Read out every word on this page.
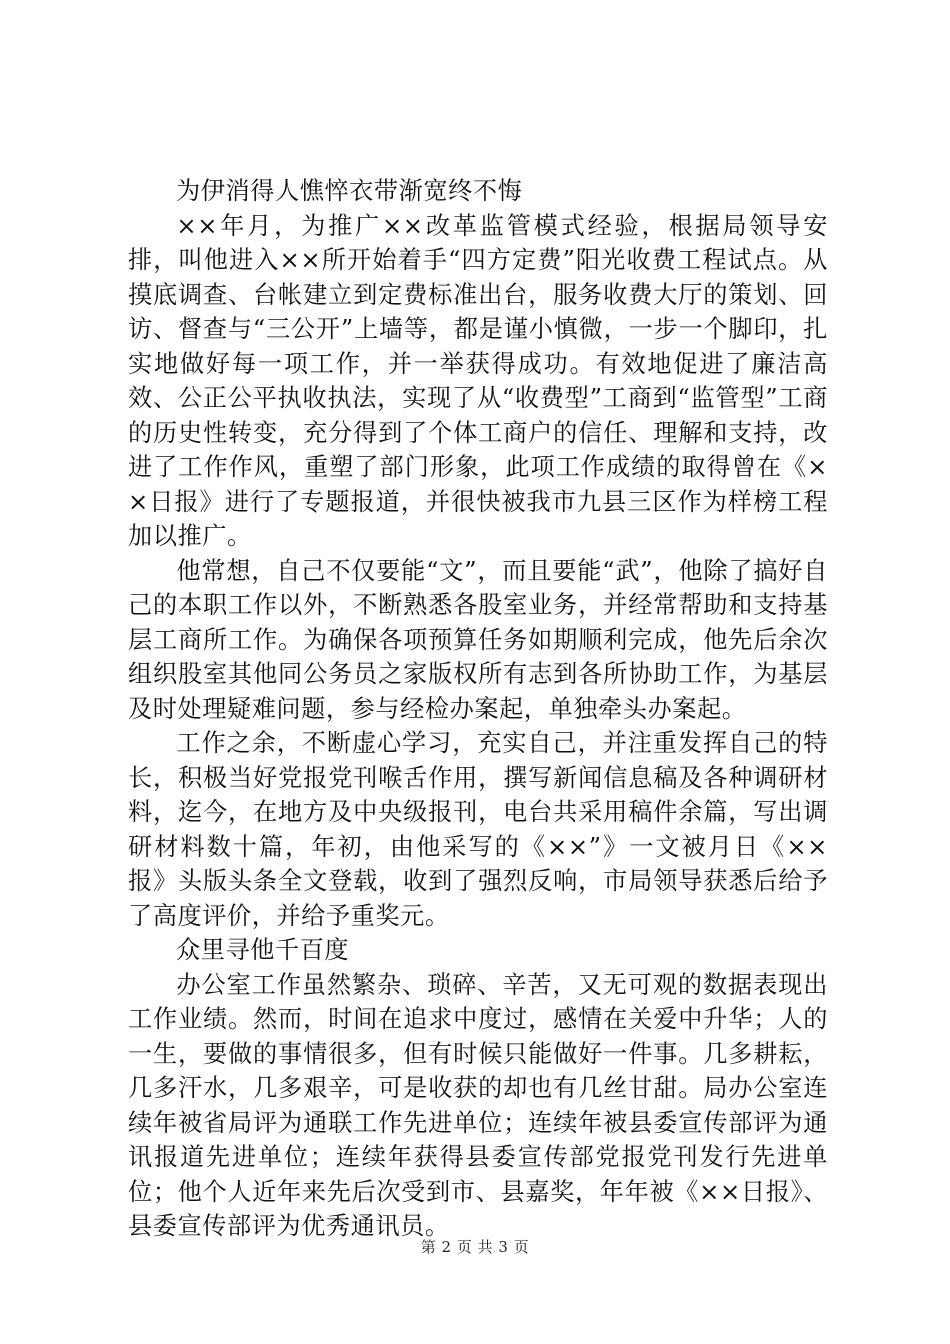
为伊消得人憔悴衣带渐宽终不悔

××年月，为推广××改革监管模式经验，根据局领导安排，叫他进入××所开始着手“四方定费”阳光收费工程试点。从摸底调查、台帐建立到定费标准出台，服务收费大厅的策划、回访、督查与“三公开”上墙等，都是谨小慎微，一步一个脚印，扎实地做好每一项工作，并一举获得成功。有效地促进了廉洁高效、公正公平执收执法，实现了从“收费型”工商到“监管型”工商的历史性转变，充分得到了个体工商户的信任、理解和支持，改进了工作作风，重塑了部门形象，此项工作成绩的取得曾在《××日报》进行了专题报道，并很快被我市九县三区作为样榜工程加以推广。

他常想，自己不仅要能“文”，而且要能“武”，他除了搞好自己的本职工作以外，不断熟悉各股室业务，并经常帮助和支持基层工商所工作。为确保各项预算任务如期顺利完成，他先后余次组织股室其他同公务员之家版权所有志到各所协助工作，为基层及时处理疑难问题，参与经检办案起，单独牵头办案起。

工作之余，不断虚心学习，充实自己，并注重发挥自己的特长，积极当好党报党刊喉舌作用，撰写新闻信息稿及各种调研材料，迄今，在地方及中央级报刊，电台共采用稿件余篇，写出调研材料数十篇，年初，由他采写的《××”》一文被月日《××报》头版头条全文登载，收到了强烈反响，市局领导获悉后给予了高度评价，并给予重奖元。

众里寻他千百度

办公室工作虽然繁杂、琐碎、辛苦，又无可观的数据表现出工作业绩。然而，时间在追求中度过，感情在关爱中升华；人的一生，要做的事情很多，但有时候只能做好一件事。几多耕耘，几多汗水，几多艰辛，可是收获的却也有几丝甘甜。局办公室连续年被省局评为通联工作先进单位；连续年被县委宣传部评为通讯报道先进单位；连续年获得县委宣传部党报党刊发行先进单位；他个人近年来先后次受到市、县嘉奖，年年被《××日报》、县委宣传部评为优秀通讯员。

第 2 页 共 3 页
